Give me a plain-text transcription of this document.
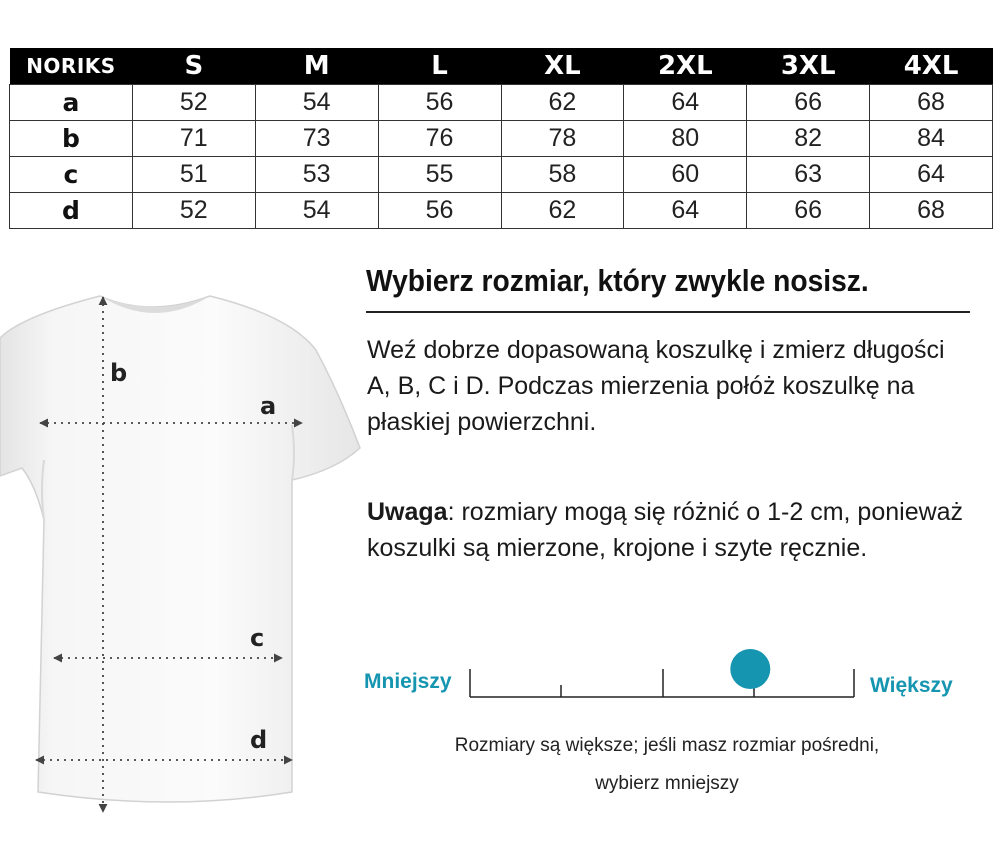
NORIKS	S	M	L	XL	2XL	3XL	4XL
a	52	54	56	62	64	66	68
b	71	73	76	78	80	82	84
c	51	53	55	58	60	63	64
d	52	54	56	62	64	66	68
b
a
c
d
Wybierz rozmiar, który zwykle nosisz.

Weź dobrze dopasowaną koszulkę i zmierz długości A, B, C i D. Podczas mierzenia połóż koszulkę na płaskiej powierzchni.

Uwaga: rozmiary mogą się różnić o 1-2 cm, ponieważ koszulki są mierzone, krojone i szyte ręcznie.

Mniejszy	Większy

Rozmiary są większe; jeśli masz rozmiar pośredni,
wybierz mniejszy
